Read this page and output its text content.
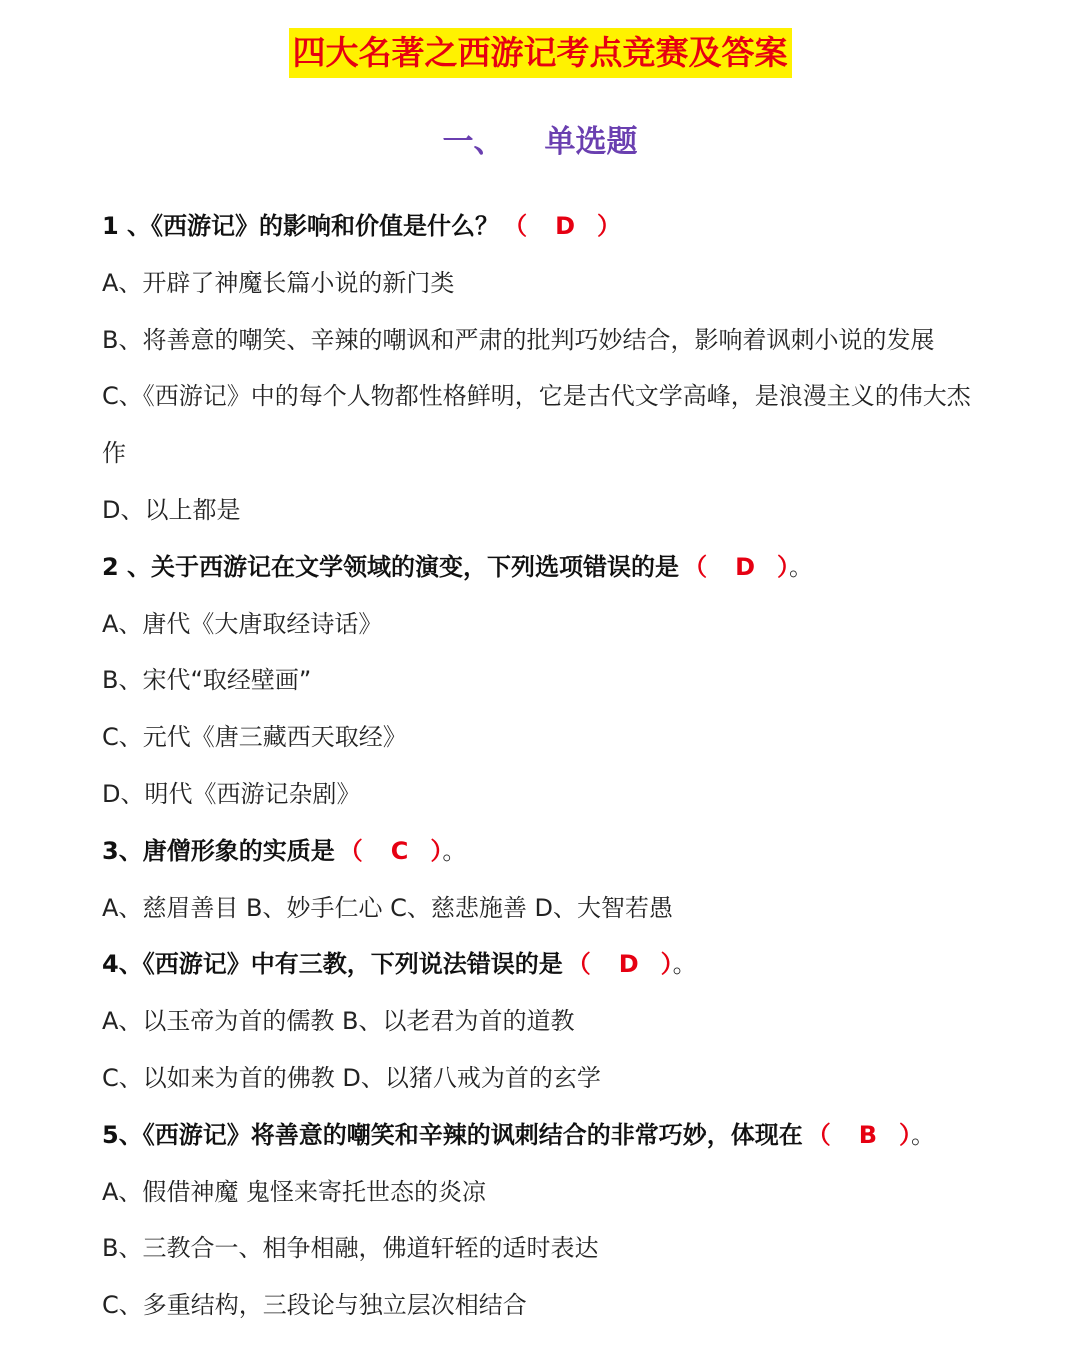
四大名著之西游记考点竞赛及答案
一、 单选题
1 、《西游记》的影响和价值是什么？ （ D ）
A、开辟了神魔长篇小说的新门类
B、将善意的嘲笑、辛辣的嘲讽和严肃的批判巧妙结合，影响着讽刺小说的发展
C、《西游记》中的每个人物都性格鲜明，它是古代文学高峰，是浪漫主义的伟大杰作
D、以上都是
2 、关于西游记在文学领域的演变，下列选项错误的是 （ D ）。
A、唐代《大唐取经诗话》
B、宋代“取经壁画”
C、元代《唐三藏西天取经》
D、明代《西游记杂剧》
3、唐僧形象的实质是 （ C ）。
A、慈眉善目 B、妙手仁心 C、慈悲施善 D、大智若愚
4、《西游记》中有三教，下列说法错误的是 （ D ）。
A、以玉帝为首的儒教 B、以老君为首的道教
C、以如来为首的佛教 D、以猪八戒为首的玄学
5、《西游记》将善意的嘲笑和辛辣的讽刺结合的非常巧妙，体现在 （ B ）。
A、假借神魔 鬼怪来寄托世态的炎凉
B、三教合一、相争相融，佛道轩轾的适时表达
C、多重结构，三段论与独立层次相结合
